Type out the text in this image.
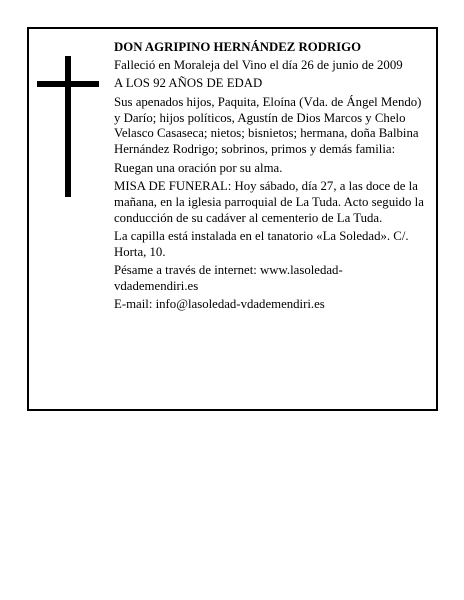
DON AGRIPINO HERNÁNDEZ RODRIGO

Falleció en Moraleja del Vino el día 26 de junio de 2009

A LOS 92 AÑOS DE EDAD

Sus apenados hijos, Paquita, Eloína (Vda. de Ángel Mendo) y Darío; hijos políticos, Agustín de Dios Marcos y Chelo Velasco Casaseca; nietos; bisnietos; hermana, doña Balbina Hernández Rodrigo; sobrinos, primos y demás familia:

Ruegan una oración por su alma.

MISA DE FUNERAL: Hoy sábado, día 27, a las doce de la mañana, en la iglesia parroquial de La Tuda. Acto seguido la conducción de su cadáver al cementerio de La Tuda.

La capilla está instalada en el tanatorio «La Soledad». C/. Horta, 10.

Pésame a través de internet: www.lasoledad-vdademendiri.es

E-mail: info@lasoledad-vdademendiri.es
